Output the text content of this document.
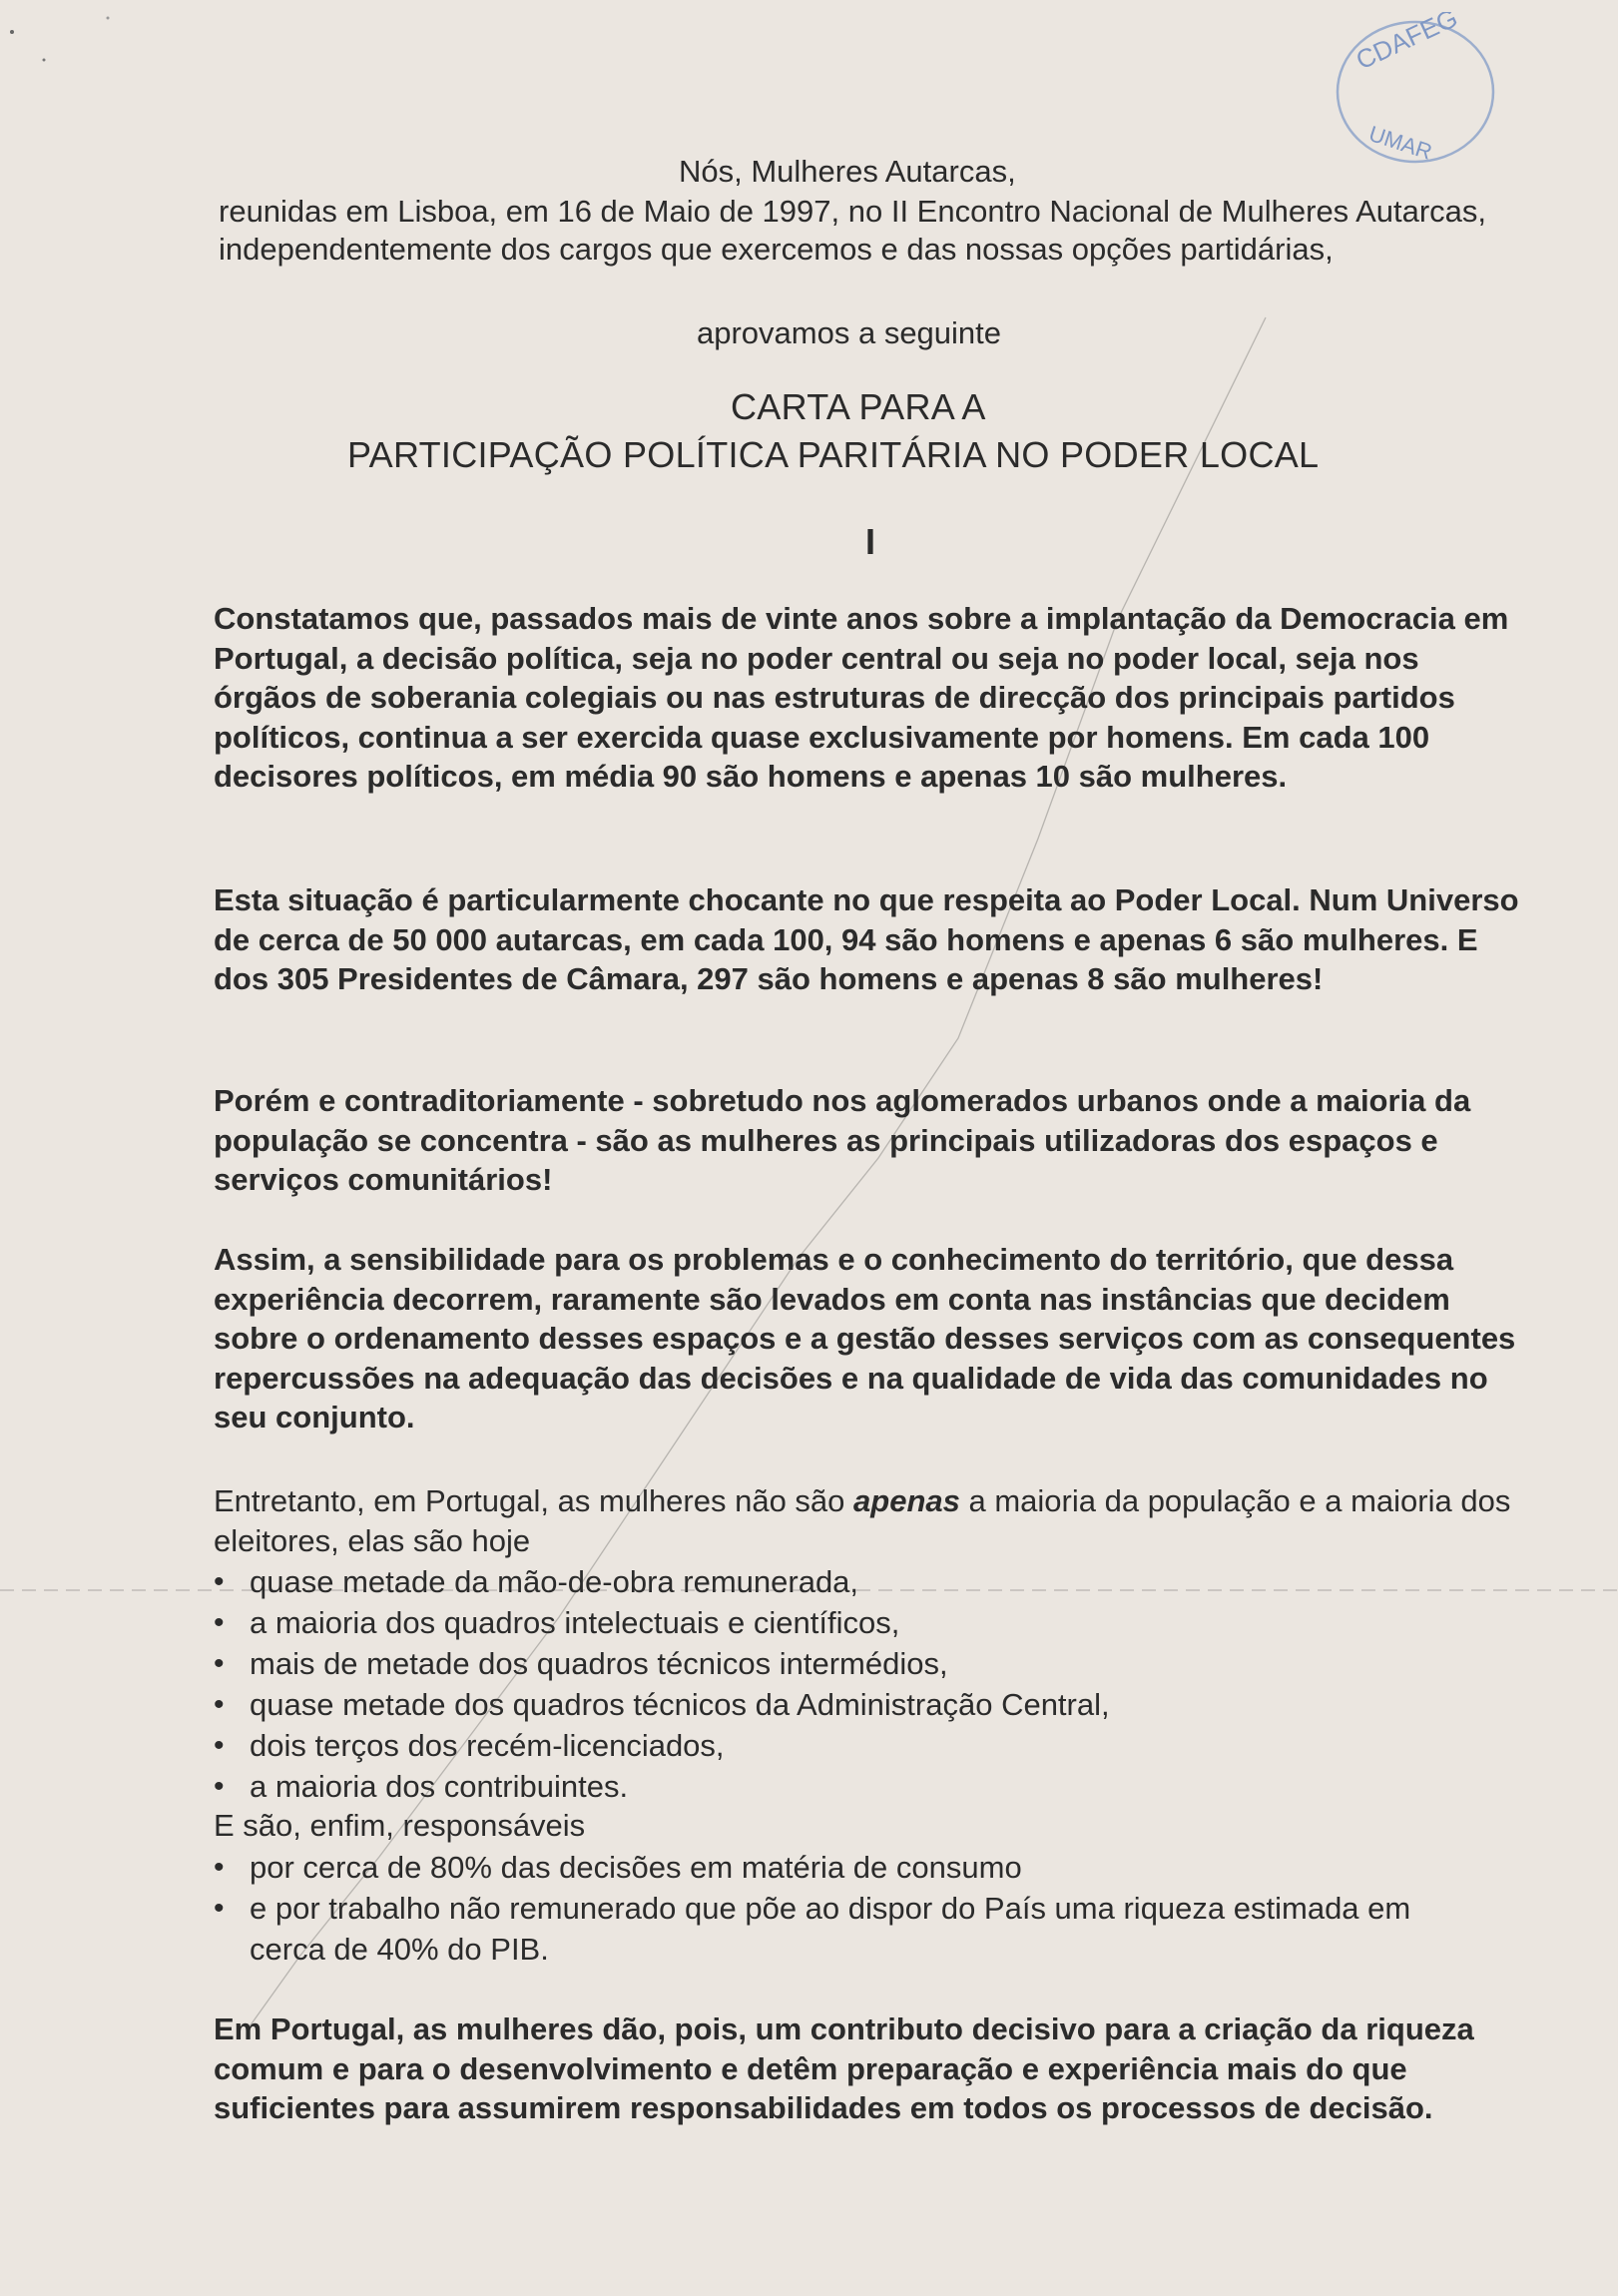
CDAFEG
UMAR
Nós, Mulheres Autarcas,
reunidas em Lisboa, em 16 de Maio de 1997, no II Encontro Nacional de Mulheres Autarcas, independentemente dos cargos que exercemos e das nossas opções partidárias,
aprovamos a seguinte
CARTA PARA A
PARTICIPAÇÃO POLÍTICA PARITÁRIA NO PODER LOCAL
I

Constatamos que, passados mais de vinte anos sobre a implantação da Democracia em Portugal, a decisão política, seja no poder central ou seja no poder local, seja nos órgãos de soberania colegiais ou nas estruturas de direcção dos principais partidos políticos, continua a ser exercida quase exclusivamente por homens. Em cada 100 decisores políticos, em média 90 são homens e apenas 10 são mulheres.

Esta situação é particularmente chocante no que respeita ao Poder Local. Num Universo de cerca de 50 000 autarcas, em cada 100, 94 são homens e apenas 6 são mulheres. E dos 305 Presidentes de Câmara, 297 são homens e apenas 8 são mulheres!

Porém e contraditoriamente - sobretudo nos aglomerados urbanos onde a maioria da população se concentra - são as mulheres as principais utilizadoras dos espaços e serviços comunitários!

Assim, a sensibilidade para os problemas e o conhecimento do território, que dessa experiência decorrem, raramente são levados em conta nas instâncias que decidem sobre o ordenamento desses espaços e a gestão desses serviços com as consequentes repercussões na adequação das decisões e na qualidade de vida das comunidades no seu conjunto.

Entretanto, em Portugal, as mulheres não são apenas a maioria da população e a maioria dos eleitores, elas são hoje

• quase metade da mão-de-obra remunerada,
• a maioria dos quadros intelectuais e científicos,
• mais de metade dos quadros técnicos intermédios,
• quase metade dos quadros técnicos da Administração Central,
• dois terços dos recém-licenciados,
• a maioria dos contribuintes.
E são, enfim, responsáveis
• por cerca de 80% das decisões em matéria de consumo
• e por trabalho não remunerado que põe ao dispor do País uma riqueza estimada em cerca de 40% do PIB.

Em Portugal, as mulheres dão, pois, um contributo decisivo para a criação da riqueza comum e para o desenvolvimento e detêm preparação e experiência mais do que suficientes para assumirem responsabilidades em todos os processos de decisão.
